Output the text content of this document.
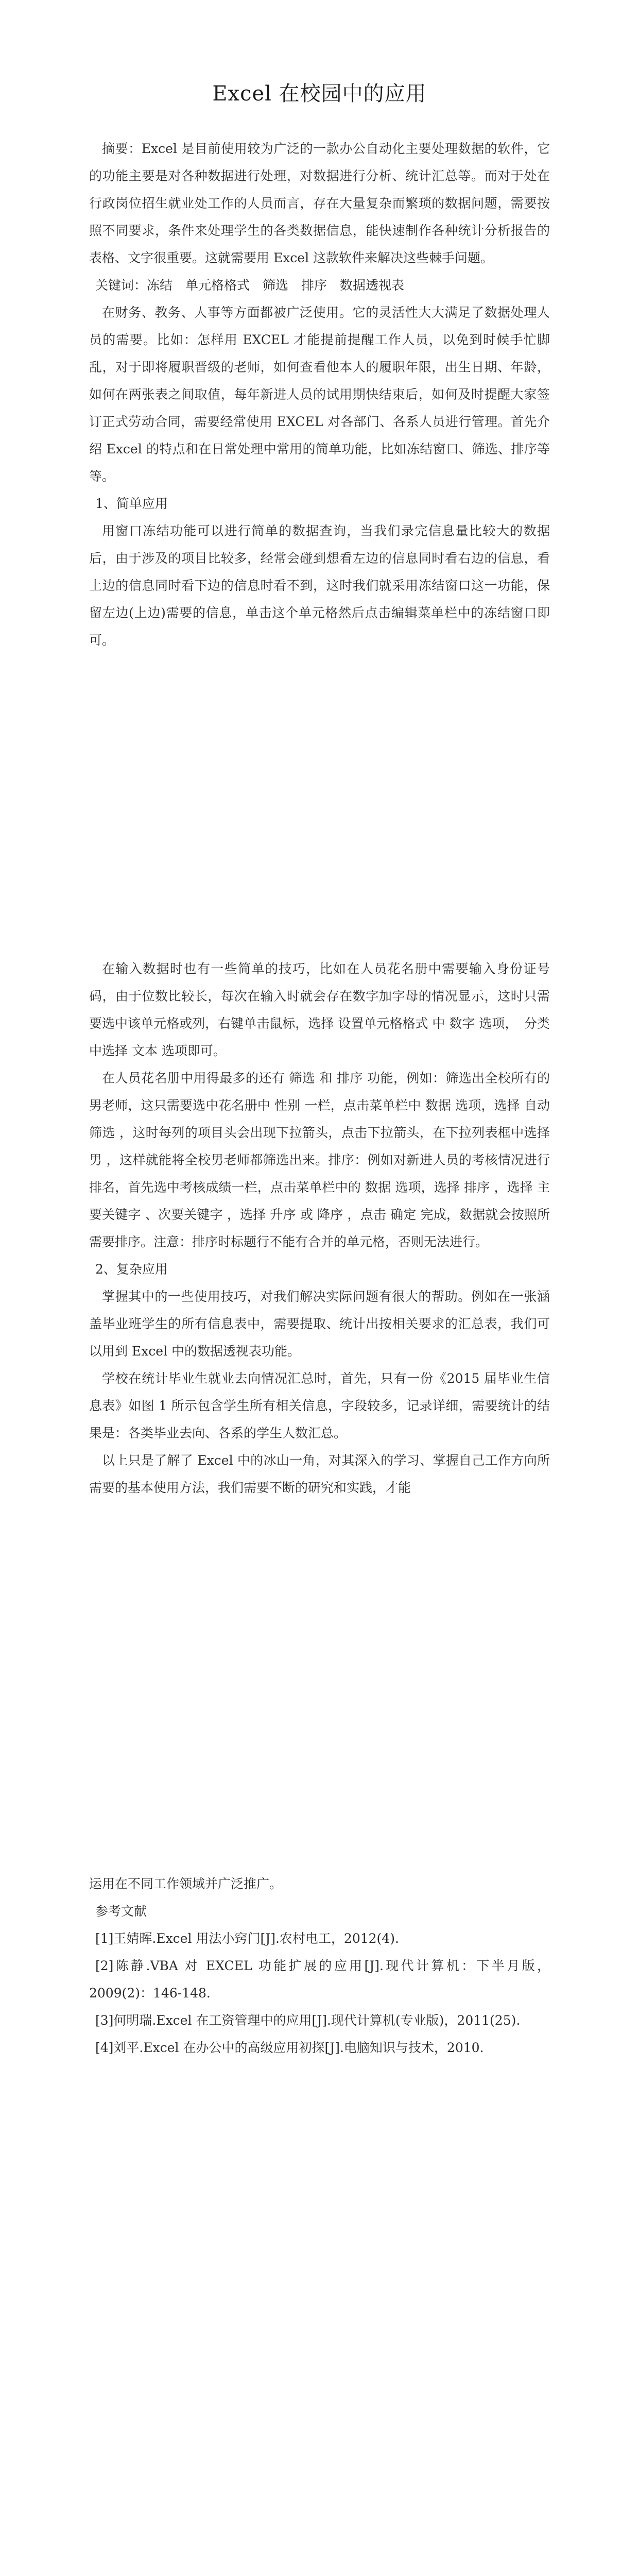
Excel 在校园中的应用

摘要：Excel 是目前使用较为广泛的一款办公自动化主要处理数据的软件，它的功能主要是对各种数据进行处理，对数据进行分析、统计汇总等。而对于处在行政岗位招生就业处工作的人员而言，存在大量复杂而繁琐的数据问题，需要按照不同要求，条件来处理学生的各类数据信息，能快速制作各种统计分析报告的表格、文字很重要。这就需要用 Excel 这款软件来解决这些棘手问题。

关键词：冻结　单元格格式　筛选　排序　数据透视表

在财务、教务、人事等方面都被广泛使用。它的灵活性大大满足了数据处理人员的需要。比如：怎样用 EXCEL 才能提前提醒工作人员，以免到时候手忙脚乱，对于即将履职晋级的老师，如何查看他本人的履职年限，出生日期、年龄，如何在两张表之间取值，每年新进人员的试用期快结束后，如何及时提醒大家签订正式劳动合同，需要经常使用 EXCEL 对各部门、各系人员进行管理。首先介绍 Excel 的特点和在日常处理中常用的简单功能，比如冻结窗口、筛选、排序等等。

1、简单应用

用窗口冻结功能可以进行简单的数据查询，当我们录完信息量比较大的数据后，由于涉及的项目比较多，经常会碰到想看左边的信息同时看右边的信息，看上边的信息同时看下边的信息时看不到，这时我们就采用冻结窗口这一功能，保留左边(上边)需要的信息，单击这个单元格然后点击编辑菜单栏中的冻结窗口即可。

在输入数据时也有一些简单的技巧，比如在人员花名册中需要输入身份证号码，由于位数比较长，每次在输入时就会存在数字加字母的情况显示，这时只需要选中该单元格或列，右键单击鼠标，选择 设置单元格格式 中 数字 选项，　分类 中选择 文本 选项即可。

在人员花名册中用得最多的还有 筛选 和 排序 功能，例如：筛选出全校所有的男老师，这只需要选中花名册中 性别 一栏，点击菜单栏中 数据 选项，选择 自动筛选 ，这时每列的项目头会出现下拉箭头，点击下拉箭头，在下拉列表框中选择 男 ，这样就能将全校男老师都筛选出来。排序：例如对新进人员的考核情况进行排名，首先选中考核成绩一栏，点击菜单栏中的 数据 选项，选择 排序 ，选择 主要关键字 、次要关键字 ，选择 升序 或 降序 ，点击 确定 完成，数据就会按照所需要排序。注意：排序时标题行不能有合并的单元格，否则无法进行。

2、复杂应用

掌握其中的一些使用技巧，对我们解决实际问题有很大的帮助。例如在一张涵盖毕业班学生的所有信息表中，需要提取、统计出按相关要求的汇总表，我们可以用到 Excel 中的数据透视表功能。

学校在统计毕业生就业去向情况汇总时，首先，只有一份《2015 届毕业生信息表》如图 1 所示包含学生所有相关信息，字段较多，记录详细，需要统计的结果是：各类毕业去向、各系的学生人数汇总。

以上只是了解了 Excel 中的冰山一角，对其深入的学习、掌握自己工作方向所需要的基本使用方法，我们需要不断的研究和实践，才能

运用在不同工作领域并广泛推广。

参考文献

[1]王婧晖.Excel 用法小窍门[J].农村电工，2012(4).

[2]陈静.VBA 对 EXCEL 功能扩展的应用[J].现代计算机：下半月版，2009(2)：146-148.

[3]何明瑞.Excel 在工资管理中的应用[J].现代计算机(专业版)，2011(25).

[4]刘平.Excel 在办公中的高级应用初探[J].电脑知识与技术，2010.
